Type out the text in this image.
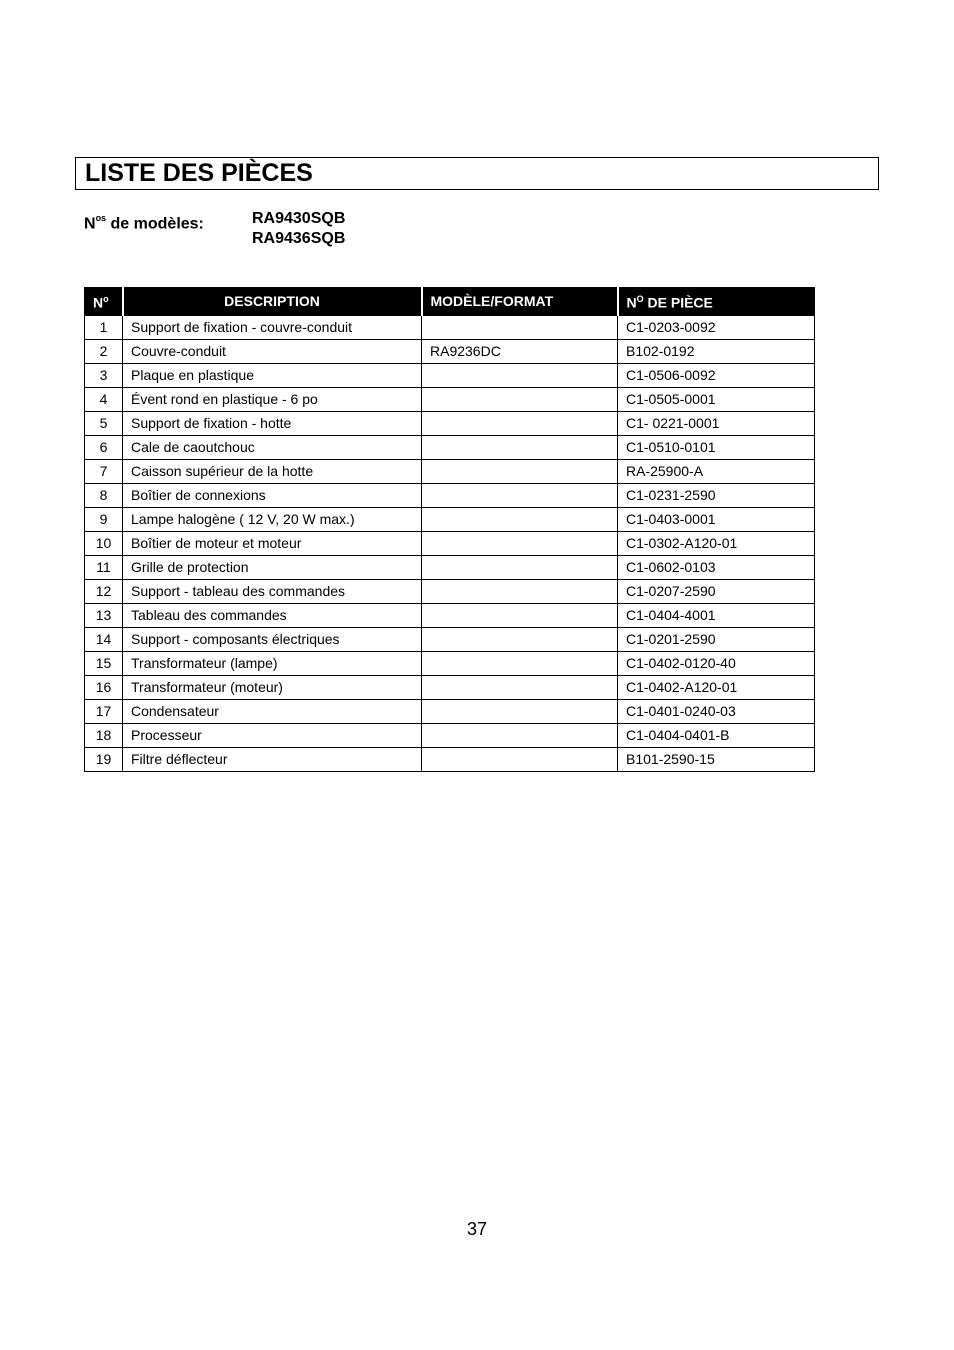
LISTE DES PIÈCES
$N^{os}$ de modèles:	RA9430SQB
RA9436SQB
$N^o$	DESCRIPTION	MODÈLE/FORMAT	$N^O$ DE PIÈCE
1	Support de fixation - couvre-conduit		C1-0203-0092
2	Couvre-conduit	RA9236DC	B102-0192
3	Plaque en plastique		C1-0506-0092
4	Évent rond en plastique - 6 po		C1-0505-0001
5	Support de fixation - hotte		C1- 0221-0001
6	Cale de caoutchouc		C1-0510-0101
7	Caisson supérieur de la hotte		RA-25900-A
8	Boîtier de connexions		C1-0231-2590
9	Lampe halogène ( 12 V, 20 W max.)		C1-0403-0001
10	Boîtier de moteur et moteur		C1-0302-A120-01
11	Grille de protection		C1-0602-0103
12	Support - tableau des commandes		C1-0207-2590
13	Tableau des commandes		C1-0404-4001
14	Support - composants électriques		C1-0201-2590
15	Transformateur (lampe)		C1-0402-0120-40
16	Transformateur (moteur)		C1-0402-A120-01
17	Condensateur		C1-0401-0240-03
18	Processeur		C1-0404-0401-B
19	Filtre déflecteur		B101-2590-15
37
